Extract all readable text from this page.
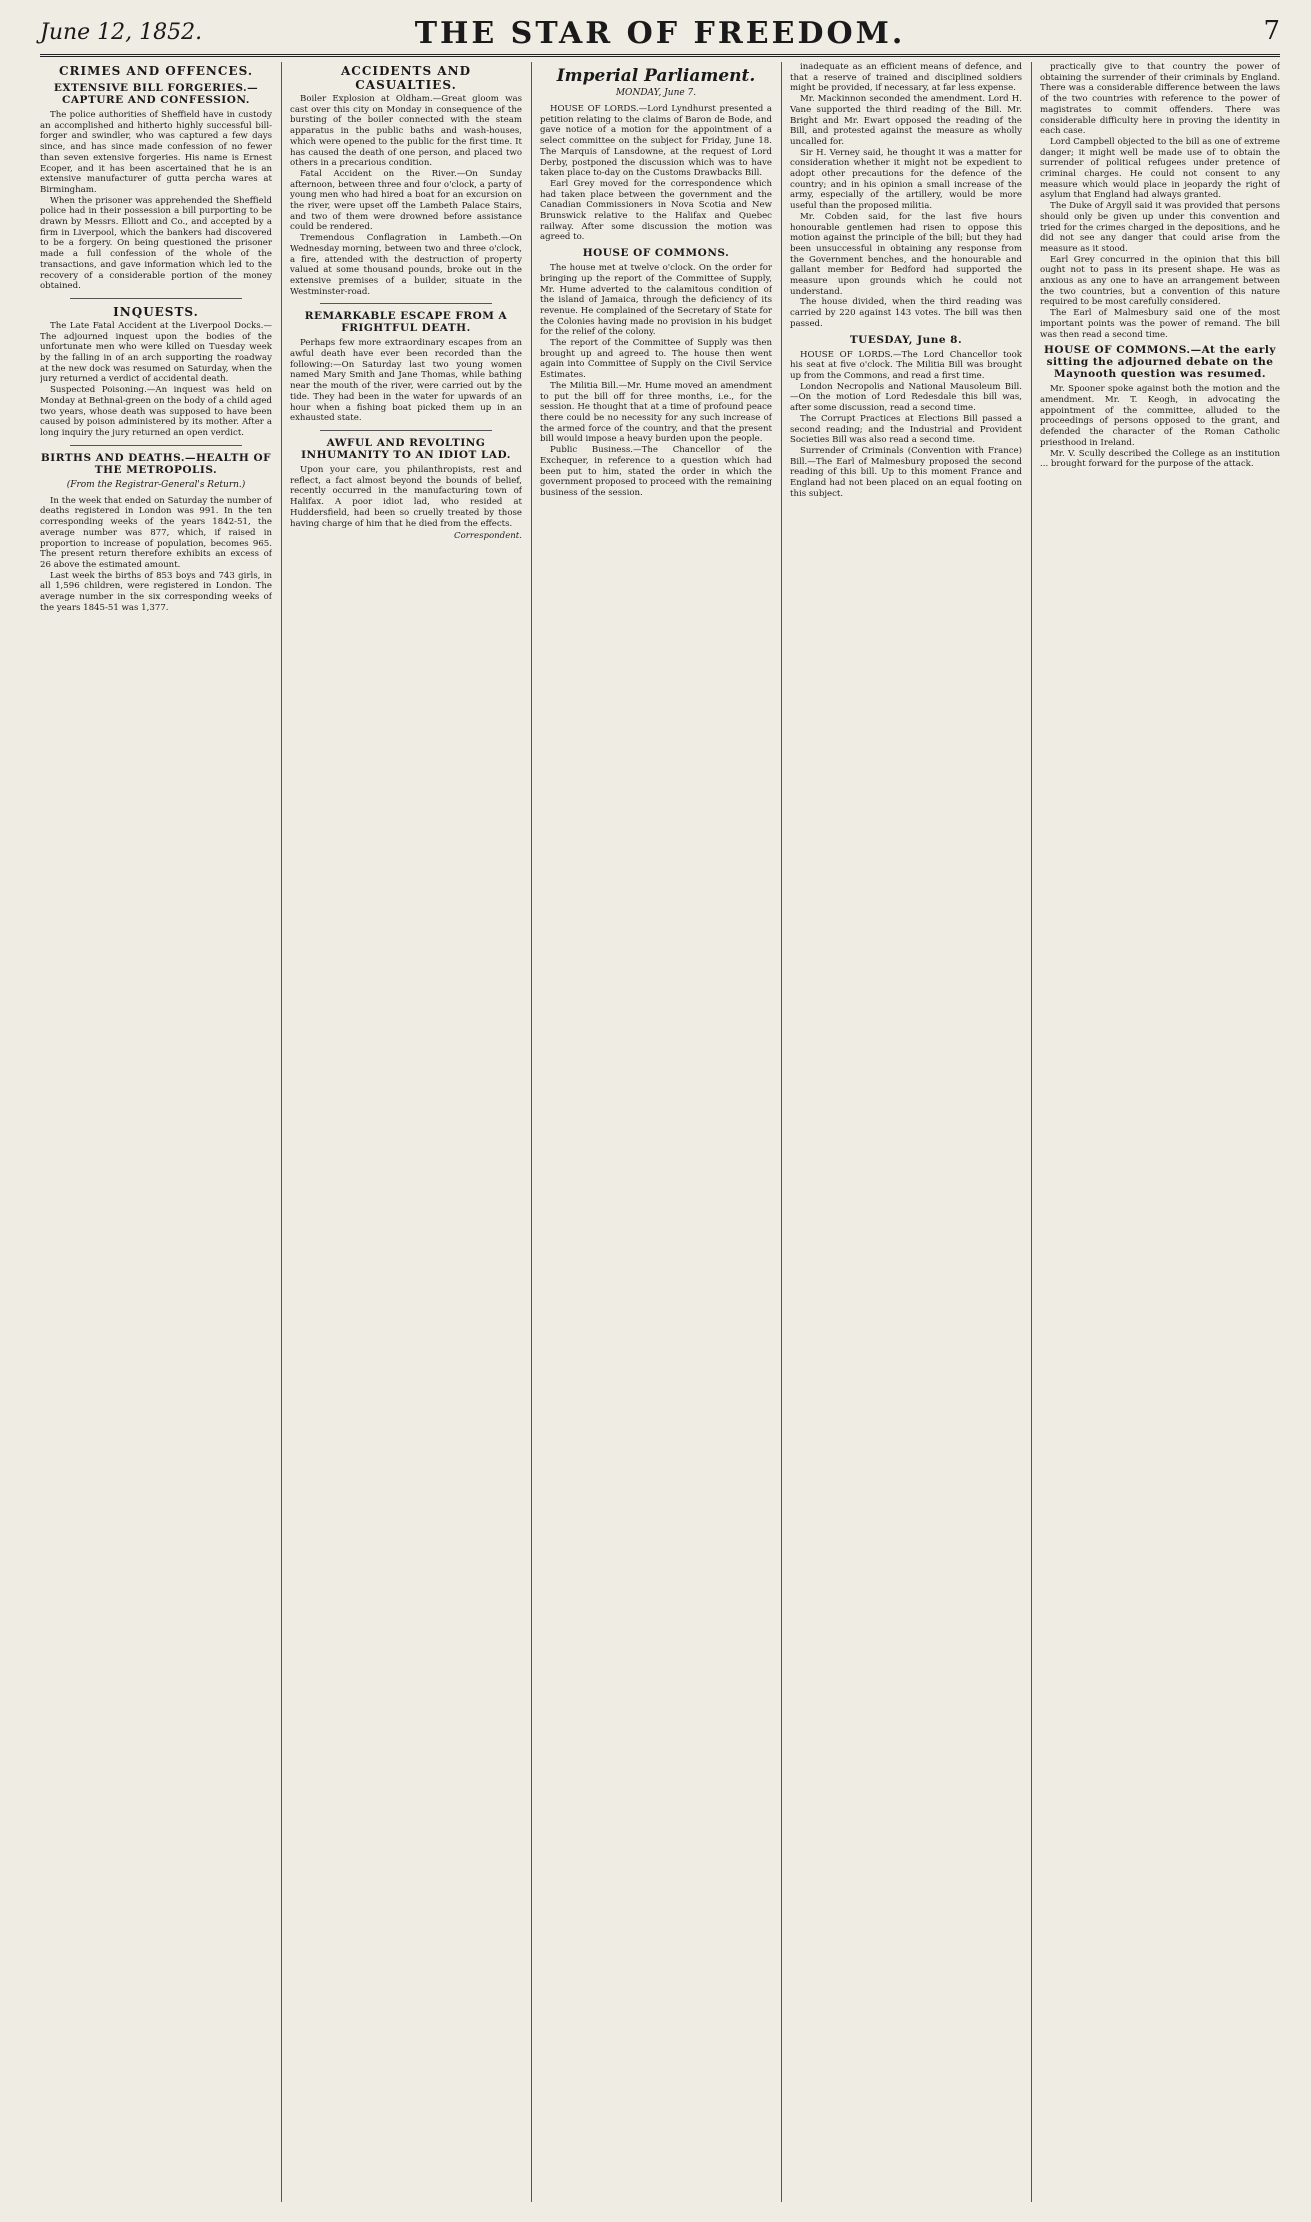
June 12, 1852.	THE STAR OF FREEDOM.	7
CRIMES AND OFFENCES.
EXTENSIVE BILL FORGERIES.—CAPTURE AND CONFESSION.

The police authorities of Sheffield have in custody an accomplished and hitherto highly successful bill-forger and swindler, who was captured a few days since, and has since made confession of no fewer than seven extensive forgeries. His name is Ernest Ecoper, and it has been ascertained that he is an extensive manufacturer of gutta percha wares at Birmingham.

When the prisoner was apprehended the Sheffield police had in their possession a bill purporting to be drawn by Messrs. Elliott and Co., and accepted by a firm in Liverpool, which the bankers had discovered to be a forgery. On being questioned the prisoner made a full confession of the whole of the transactions, and gave information which led to the recovery of a considerable portion of the money obtained.

INQUESTS.

The Late Fatal Accident at the Liverpool Docks.—The adjourned inquest upon the bodies of the unfortunate men who were killed on Tuesday week by the falling in of an arch supporting the roadway at the new dock was resumed on Saturday, when the jury returned a verdict of accidental death.

Suspected Poisoning.—An inquest was held on Monday at Bethnal-green on the body of a child aged two years, whose death was supposed to have been caused by poison administered by its mother. After a long inquiry the jury returned an open verdict.

BIRTHS AND DEATHS.—HEALTH OF THE METROPOLIS.
(From the Registrar-General's Return.)

In the week that ended on Saturday the number of deaths registered in London was 991. In the ten corresponding weeks of the years 1842-51, the average number was 877, which, if raised in proportion to increase of population, becomes 965. The present return therefore exhibits an excess of 26 above the estimated amount.

Last week the births of 853 boys and 743 girls, in all 1,596 children, were registered in London. The average number in the six corresponding weeks of the years 1845-51 was 1,377.

ACCIDENTS AND CASUALTIES.

Boiler Explosion at Oldham.—Great gloom was cast over this city on Monday in consequence of the bursting of the boiler connected with the steam apparatus in the public baths and wash-houses, which were opened to the public for the first time. It has caused the death of one person, and placed two others in a precarious condition.

Fatal Accident on the River.—On Sunday afternoon, between three and four o'clock, a party of young men who had hired a boat for an excursion on the river, were upset off the Lambeth Palace Stairs, and two of them were drowned before assistance could be rendered.

Tremendous Conflagration in Lambeth.—On Wednesday morning, between two and three o'clock, a fire, attended with the destruction of property valued at some thousand pounds, broke out in the extensive premises of a builder, situate in the Westminster-road.

REMARKABLE ESCAPE FROM A FRIGHTFUL DEATH.

Perhaps few more extraordinary escapes from an awful death have ever been recorded than the following:—On Saturday last two young women named Mary Smith and Jane Thomas, while bathing near the mouth of the river, were carried out by the tide. They had been in the water for upwards of an hour when a fishing boat picked them up in an exhausted state.

AWFUL AND REVOLTING INHUMANITY TO AN IDIOT LAD.

Upon your care, you philanthropists, rest and reflect, a fact almost beyond the bounds of belief, recently occurred in the manufacturing town of Halifax. A poor idiot lad, who resided at Huddersfield, had been so cruelly treated by those having charge of him that he died from the effects.

Correspondent.
Imperial Parliament.
MONDAY, June 7.

HOUSE OF LORDS.—Lord Lyndhurst presented a petition relating to the claims of Baron de Bode, and gave notice of a motion for the appointment of a select committee on the subject for Friday, June 18. The Marquis of Lansdowne, at the request of Lord Derby, postponed the discussion which was to have taken place to-day on the Customs Drawbacks Bill.

Earl Grey moved for the correspondence which had taken place between the government and the Canadian Commissioners in Nova Scotia and New Brunswick relative to the Halifax and Quebec railway. After some discussion the motion was agreed to.

HOUSE OF COMMONS.

The house met at twelve o'clock. On the order for bringing up the report of the Committee of Supply, Mr. Hume adverted to the calamitous condition of the island of Jamaica, through the deficiency of its revenue. He complained of the Secretary of State for the Colonies having made no provision in his budget for the relief of the colony.

The report of the Committee of Supply was then brought up and agreed to. The house then went again into Committee of Supply on the Civil Service Estimates.

The Militia Bill.—Mr. Hume moved an amendment to put the bill off for three months, i.e., for the session. He thought that at a time of profound peace there could be no necessity for any such increase of the armed force of the country, and that the present bill would impose a heavy burden upon the people.

Public Business.—The Chancellor of the Exchequer, in reference to a question which had been put to him, stated the order in which the government proposed to proceed with the remaining business of the session.

inadequate as an efficient means of defence, and that a reserve of trained and disciplined soldiers might be provided, if necessary, at far less expense.

Mr. Mackinnon seconded the amendment. Lord H. Vane supported the third reading of the Bill. Mr. Bright and Mr. Ewart opposed the reading of the Bill, and protested against the measure as wholly uncalled for.

Sir H. Verney said, he thought it was a matter for consideration whether it might not be expedient to adopt other precautions for the defence of the country; and in his opinion a small increase of the army, especially of the artillery, would be more useful than the proposed militia.

Mr. Cobden said, for the last five hours honourable gentlemen had risen to oppose this motion against the principle of the bill; but they had been unsuccessful in obtaining any response from the Government benches, and the honourable and gallant member for Bedford had supported the measure upon grounds which he could not understand.

The house divided, when the third reading was carried by 220 against 143 votes. The bill was then passed.

TUESDAY, June 8.

HOUSE OF LORDS.—The Lord Chancellor took his seat at five o'clock. The Militia Bill was brought up from the Commons, and read a first time.

London Necropolis and National Mausoleum Bill.—On the motion of Lord Redesdale this bill was, after some discussion, read a second time.

The Corrupt Practices at Elections Bill passed a second reading; and the Industrial and Provident Societies Bill was also read a second time.

Surrender of Criminals (Convention with France) Bill.—The Earl of Malmesbury proposed the second reading of this bill. Up to this moment France and England had not been placed on an equal footing on this subject.

practically give to that country the power of obtaining the surrender of their criminals by England. There was a considerable difference between the laws of the two countries with reference to the power of magistrates to commit offenders. There was considerable difficulty here in proving the identity in each case.

Lord Campbell objected to the bill as one of extreme danger; it might well be made use of to obtain the surrender of political refugees under pretence of criminal charges. He could not consent to any measure which would place in jeopardy the right of asylum that England had always granted.

The Duke of Argyll said it was provided that persons should only be given up under this convention and tried for the crimes charged in the depositions, and he did not see any danger that could arise from the measure as it stood.

Earl Grey concurred in the opinion that this bill ought not to pass in its present shape. He was as anxious as any one to have an arrangement between the two countries, but a convention of this nature required to be most carefully considered.

The Earl of Malmesbury said one of the most important points was the power of remand. The bill was then read a second time.

HOUSE OF COMMONS.—At the early sitting the adjourned debate on the Maynooth question was resumed.

Mr. Spooner spoke against both the motion and the amendment. Mr. T. Keogh, in advocating the appointment of the committee, alluded to the proceedings of persons opposed to the grant, and defended the character of the Roman Catholic priesthood in Ireland.

Mr. V. Scully described the College as an institution ... brought forward for the purpose of the attack.
